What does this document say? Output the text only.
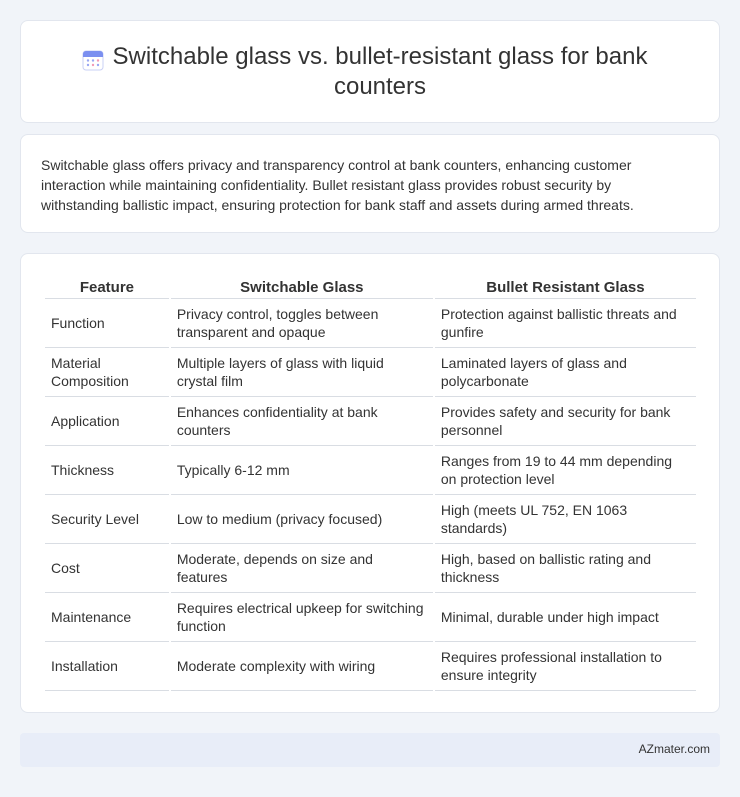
Switchable glass vs. bullet-resistant glass for bank counters

Switchable glass offers privacy and transparency control at bank counters, enhancing customer interaction while maintaining confidentiality. Bullet resistant glass provides robust security by withstanding ballistic impact, ensuring protection for bank staff and assets during armed threats.

Feature	Switchable Glass	Bullet Resistant Glass
Function	Privacy control, toggles between transparent and opaque	Protection against ballistic threats and gunfire
Material Composition	Multiple layers of glass with liquid crystal film	Laminated layers of glass and polycarbonate
Application	Enhances confidentiality at bank counters	Provides safety and security for bank personnel
Thickness	Typically 6-12 mm	Ranges from 19 to 44 mm depending on protection level
Security Level	Low to medium (privacy focused)	High (meets UL 752, EN 1063 standards)
Cost	Moderate, depends on size and features	High, based on ballistic rating and thickness
Maintenance	Requires electrical upkeep for switching function	Minimal, durable under high impact
Installation	Moderate complexity with wiring	Requires professional installation to ensure integrity
AZmater.com
